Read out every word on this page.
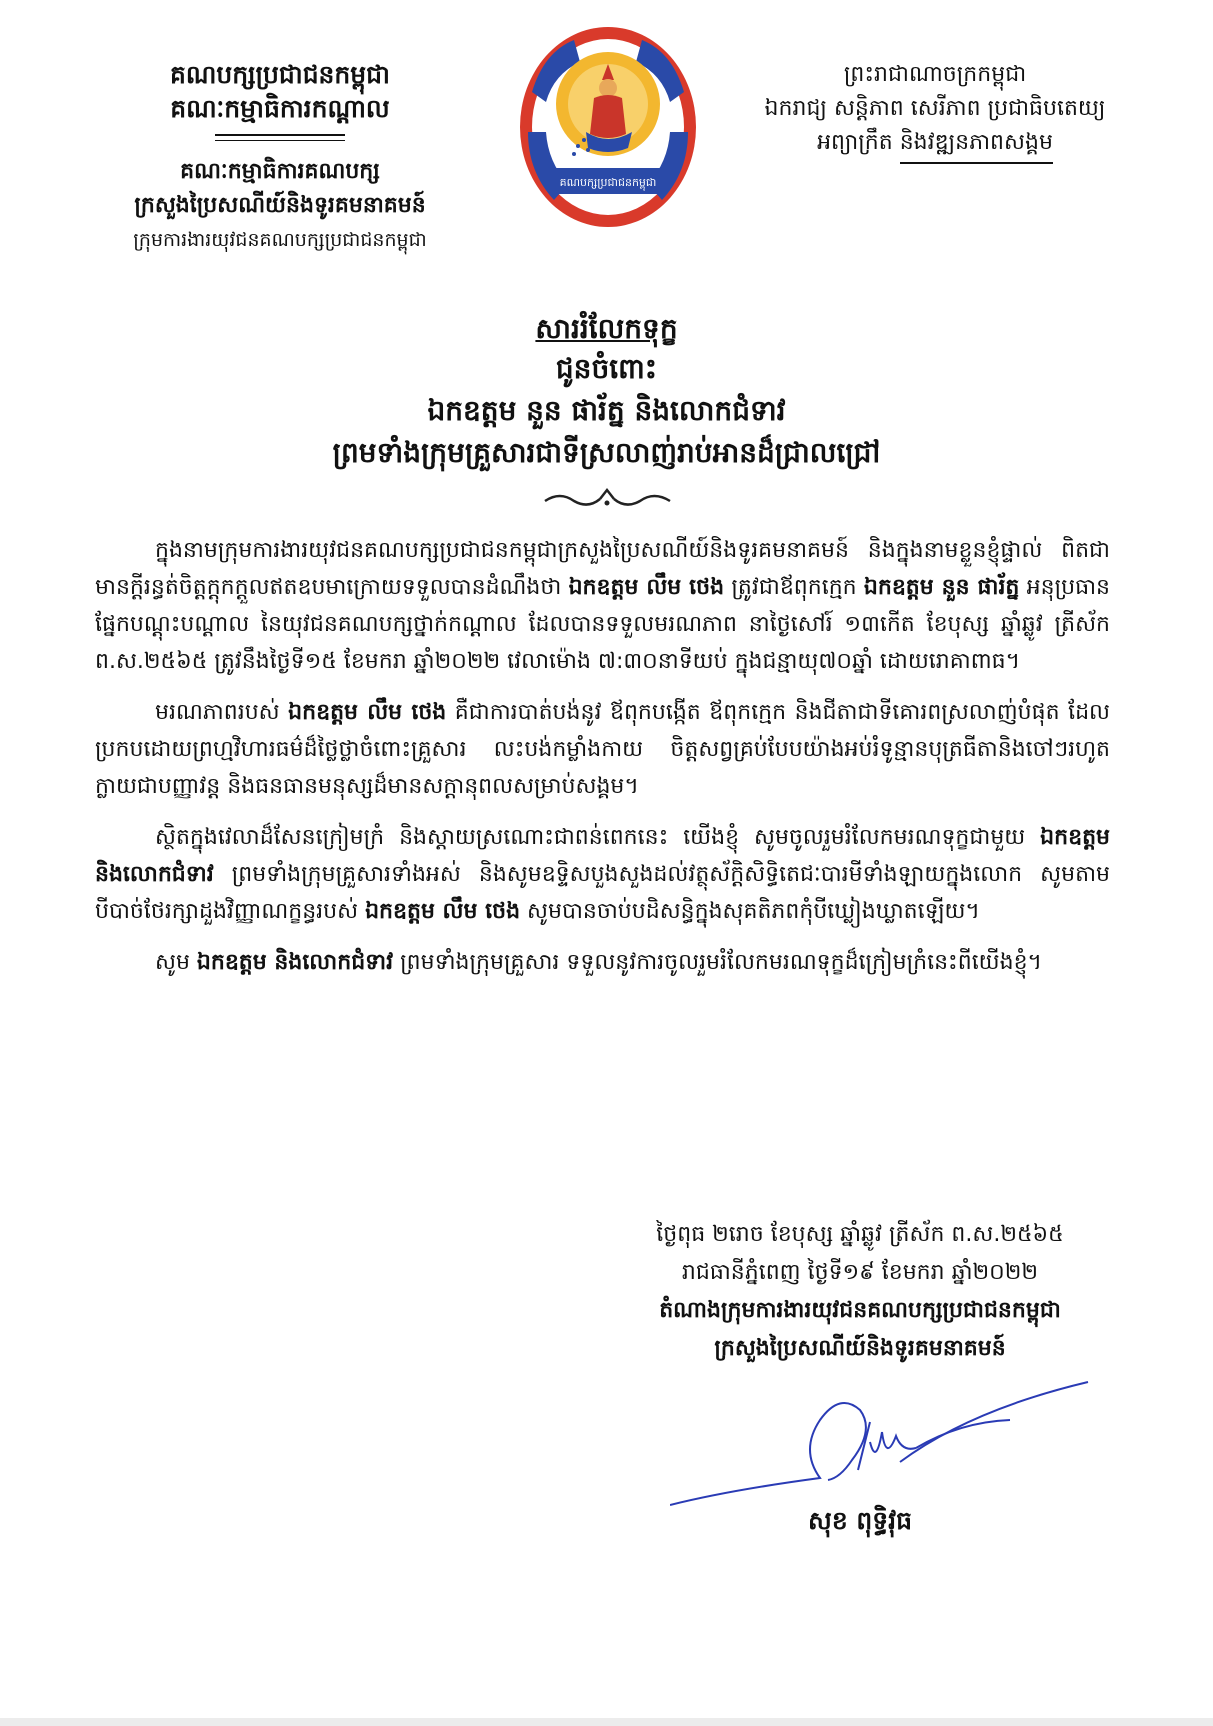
គណបក្សប្រជាជនកម្ពុជា
គណៈកម្មាធិការកណ្តាល
គណៈកម្មាធិការគណបក្ស
ក្រសួងប្រៃសណីយ៍និងទូរគមនាគមន៍
ក្រុមការងារយុវជនគណបក្សប្រជាជនកម្ពុជា
គណបក្សប្រជាជនកម្ពុជា
ព្រះរាជាណាចក្រកម្ពុជា
ឯករាជ្យ សន្តិភាព សេរីភាព ប្រជាធិបតេយ្យ
អព្យាក្រឹត និងវឌ្ឍនភាពសង្គម
សាររំលែកទុក្ខ
ជូនចំពោះ
ឯកឧត្តម នួន ផារ័ត្ន និងលោកជំទាវ
ព្រមទាំងក្រុមគ្រួសារជាទីស្រលាញ់រាប់អានដ៏ជ្រាលជ្រៅ

ក្នុងនាមក្រុមការងារយុវជនគណបក្សប្រជាជនកម្ពុជាក្រសួងប្រៃសណីយ៍និងទូរគមនាគមន៍ និងក្នុងនាមខ្លួនខ្ញុំផ្ទាល់ ពិតជាមានក្តីរន្ធត់ចិត្តក្តុកក្តួលឥតឧបមាក្រោយទទួលបានដំណឹងថា ឯកឧត្តម លឹម ថេង ត្រូវជាឪពុកក្មេក ឯកឧត្តម នួន ផារ័ត្ន អនុប្រធានផ្នែកបណ្តុះបណ្តាល នៃយុវជនគណបក្សថ្នាក់កណ្តាល ដែលបានទទួលមរណភាព នាថ្ងៃសៅរ៍ ១៣កើត ខែបុស្ស ឆ្នាំឆ្លូវ ត្រីស័ក ព.ស.២៥៦៥ ត្រូវនឹងថ្ងៃទី១៥ ខែមករា ឆ្នាំ២០២២ វេលាម៉ោង ៧:៣០នាទីយប់ ក្នុងជន្មាយុ៧០ឆ្នាំ ដោយរោគាពាធ។

មរណភាពរបស់ ឯកឧត្តម លឹម ថេង គឺជាការបាត់បង់នូវ ឪពុកបង្កើត ឪពុកក្មេក និងជីតាជាទីគោរពស្រលាញ់បំផុត ដែលប្រកបដោយព្រហ្មវិហារធម៌ដ៏ថ្លៃថ្លាចំពោះគ្រួសារ លះបង់កម្លាំងកាយ ចិត្តសព្វគ្រប់បែបយ៉ាងអប់រំទូន្មានបុត្រធីតានិងចៅៗរហូតក្លាយជាបញ្ញាវន្ត និងធនធានមនុស្សដ៏មានសក្តានុពលសម្រាប់សង្គម។

ស្ថិតក្នុងវេលាដ៏សែនក្រៀមក្រំ និងស្តាយស្រណោះជាពន់ពេកនេះ យើងខ្ញុំ សូមចូលរួមរំលែកមរណទុក្ខជាមួយ ឯកឧត្តម និងលោកជំទាវ ព្រមទាំងក្រុមគ្រួសារទាំងអស់ និងសូមឧទ្ទិសបួងសួងដល់វត្ថុស័ក្តិសិទ្ធិតេជៈបារមីទាំងឡាយក្នុងលោក សូមតាមបីបាច់ថែរក្សាដួងវិញ្ញាណក្ខន្ធរបស់ ឯកឧត្តម លឹម ថេង សូមបានចាប់បដិសន្ធិក្នុងសុគតិភពកុំបីឃ្លៀងឃ្លាតឡើយ។

សូម ឯកឧត្តម និងលោកជំទាវ ព្រមទាំងក្រុមគ្រួសារ ទទួលនូវការចូលរួមរំលែកមរណទុក្ខដ៏ក្រៀមក្រំនេះពីយើងខ្ញុំ។

ថ្ងៃពុធ ២រោច ខែបុស្ស ឆ្នាំឆ្លូវ ត្រីស័ក ព.ស.២៥៦៥
រាជធានីភ្នំពេញ ថ្ងៃទី១៩ ខែមករា ឆ្នាំ២០២២
តំណាងក្រុមការងារយុវជនគណបក្សប្រជាជនកម្ពុជា
ក្រសួងប្រៃសណីយ៍និងទូរគមនាគមន៍
សុខ ពុទ្ធិវុធ
